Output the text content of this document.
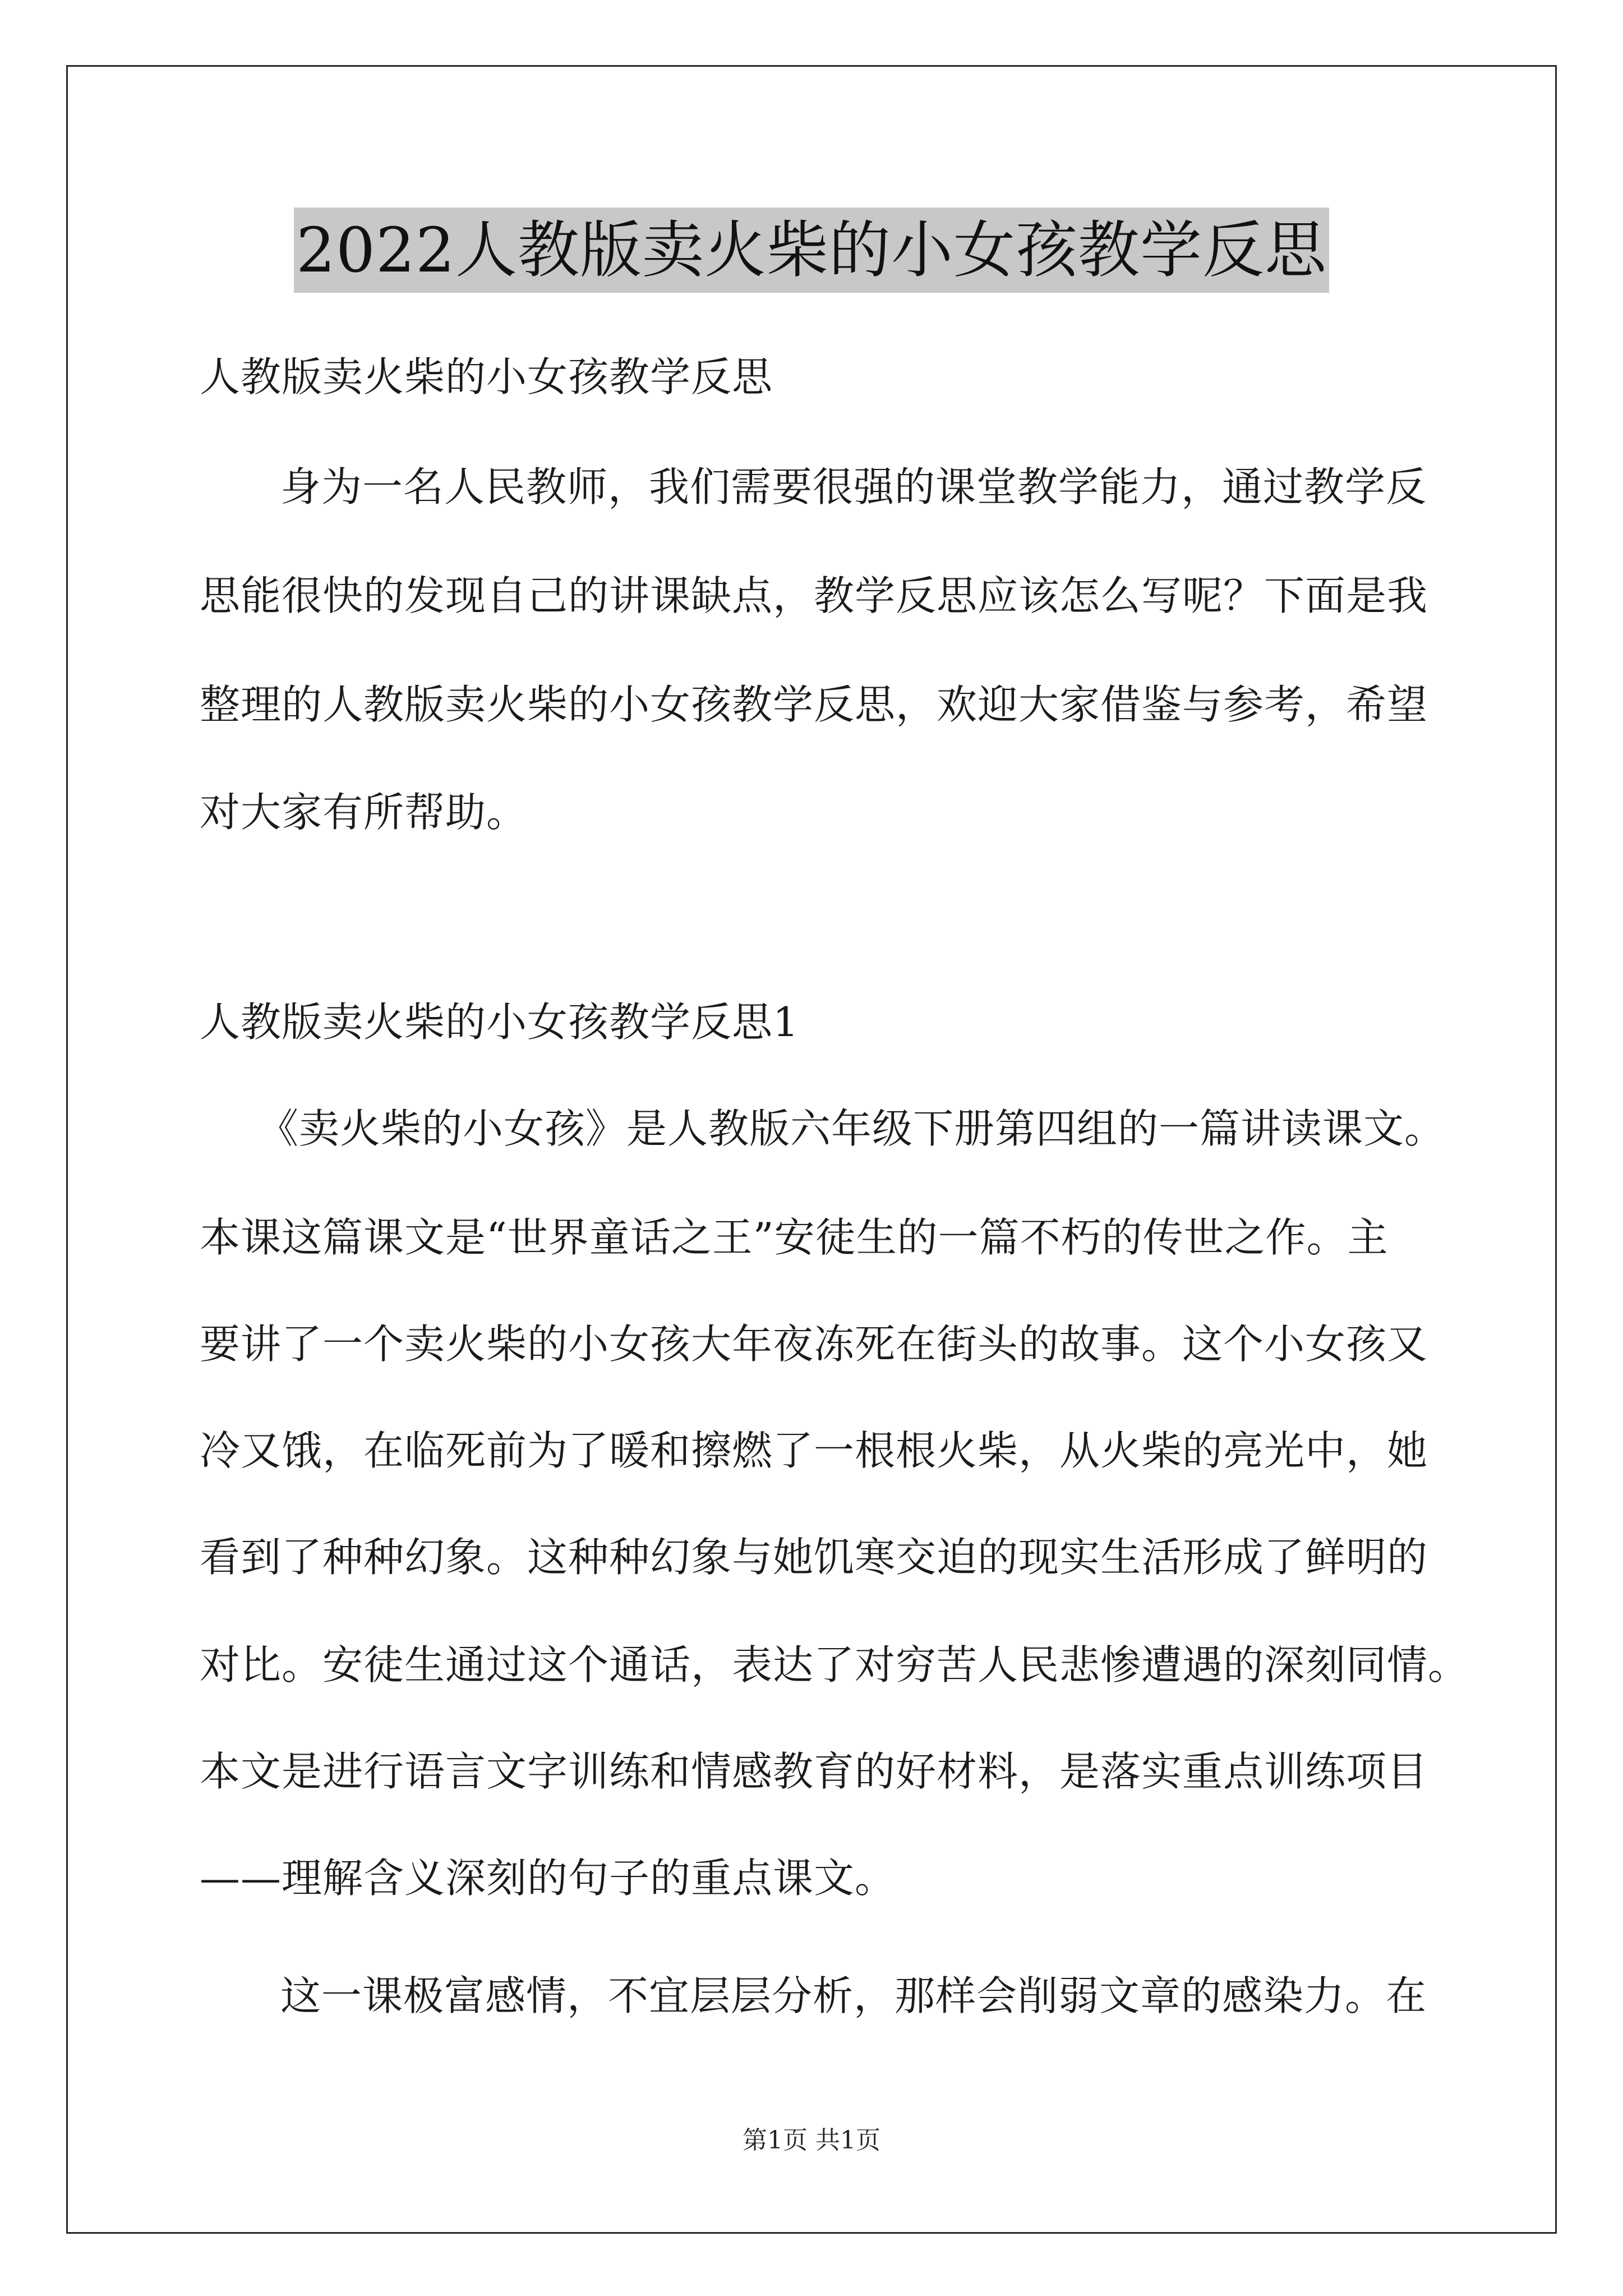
2022人教版卖火柴的小女孩教学反思
人教版卖火柴的小女孩教学反思
身为一名人民教师，我们需要很强的课堂教学能力，通过教学反
思能很快的发现自己的讲课缺点，教学反思应该怎么写呢？下面是我
整理的人教版卖火柴的小女孩教学反思，欢迎大家借鉴与参考，希望
对大家有所帮助。
人教版卖火柴的小女孩教学反思1
《卖火柴的小女孩》是人教版六年级下册第四组的一篇讲读课文。
本课这篇课文是“世界童话之王”安徒生的一篇不朽的传世之作。主
要讲了一个卖火柴的小女孩大年夜冻死在街头的故事。这个小女孩又
冷又饿，在临死前为了暖和擦燃了一根根火柴，从火柴的亮光中，她
看到了种种幻象。这种种幻象与她饥寒交迫的现实生活形成了鲜明的
对比。安徒生通过这个通话，表达了对穷苦人民悲惨遭遇的深刻同情。
本文是进行语言文字训练和情感教育的好材料，是落实重点训练项目
——理解含义深刻的句子的重点课文。
这一课极富感情，不宜层层分析，那样会削弱文章的感染力。在
第1页 共1页
